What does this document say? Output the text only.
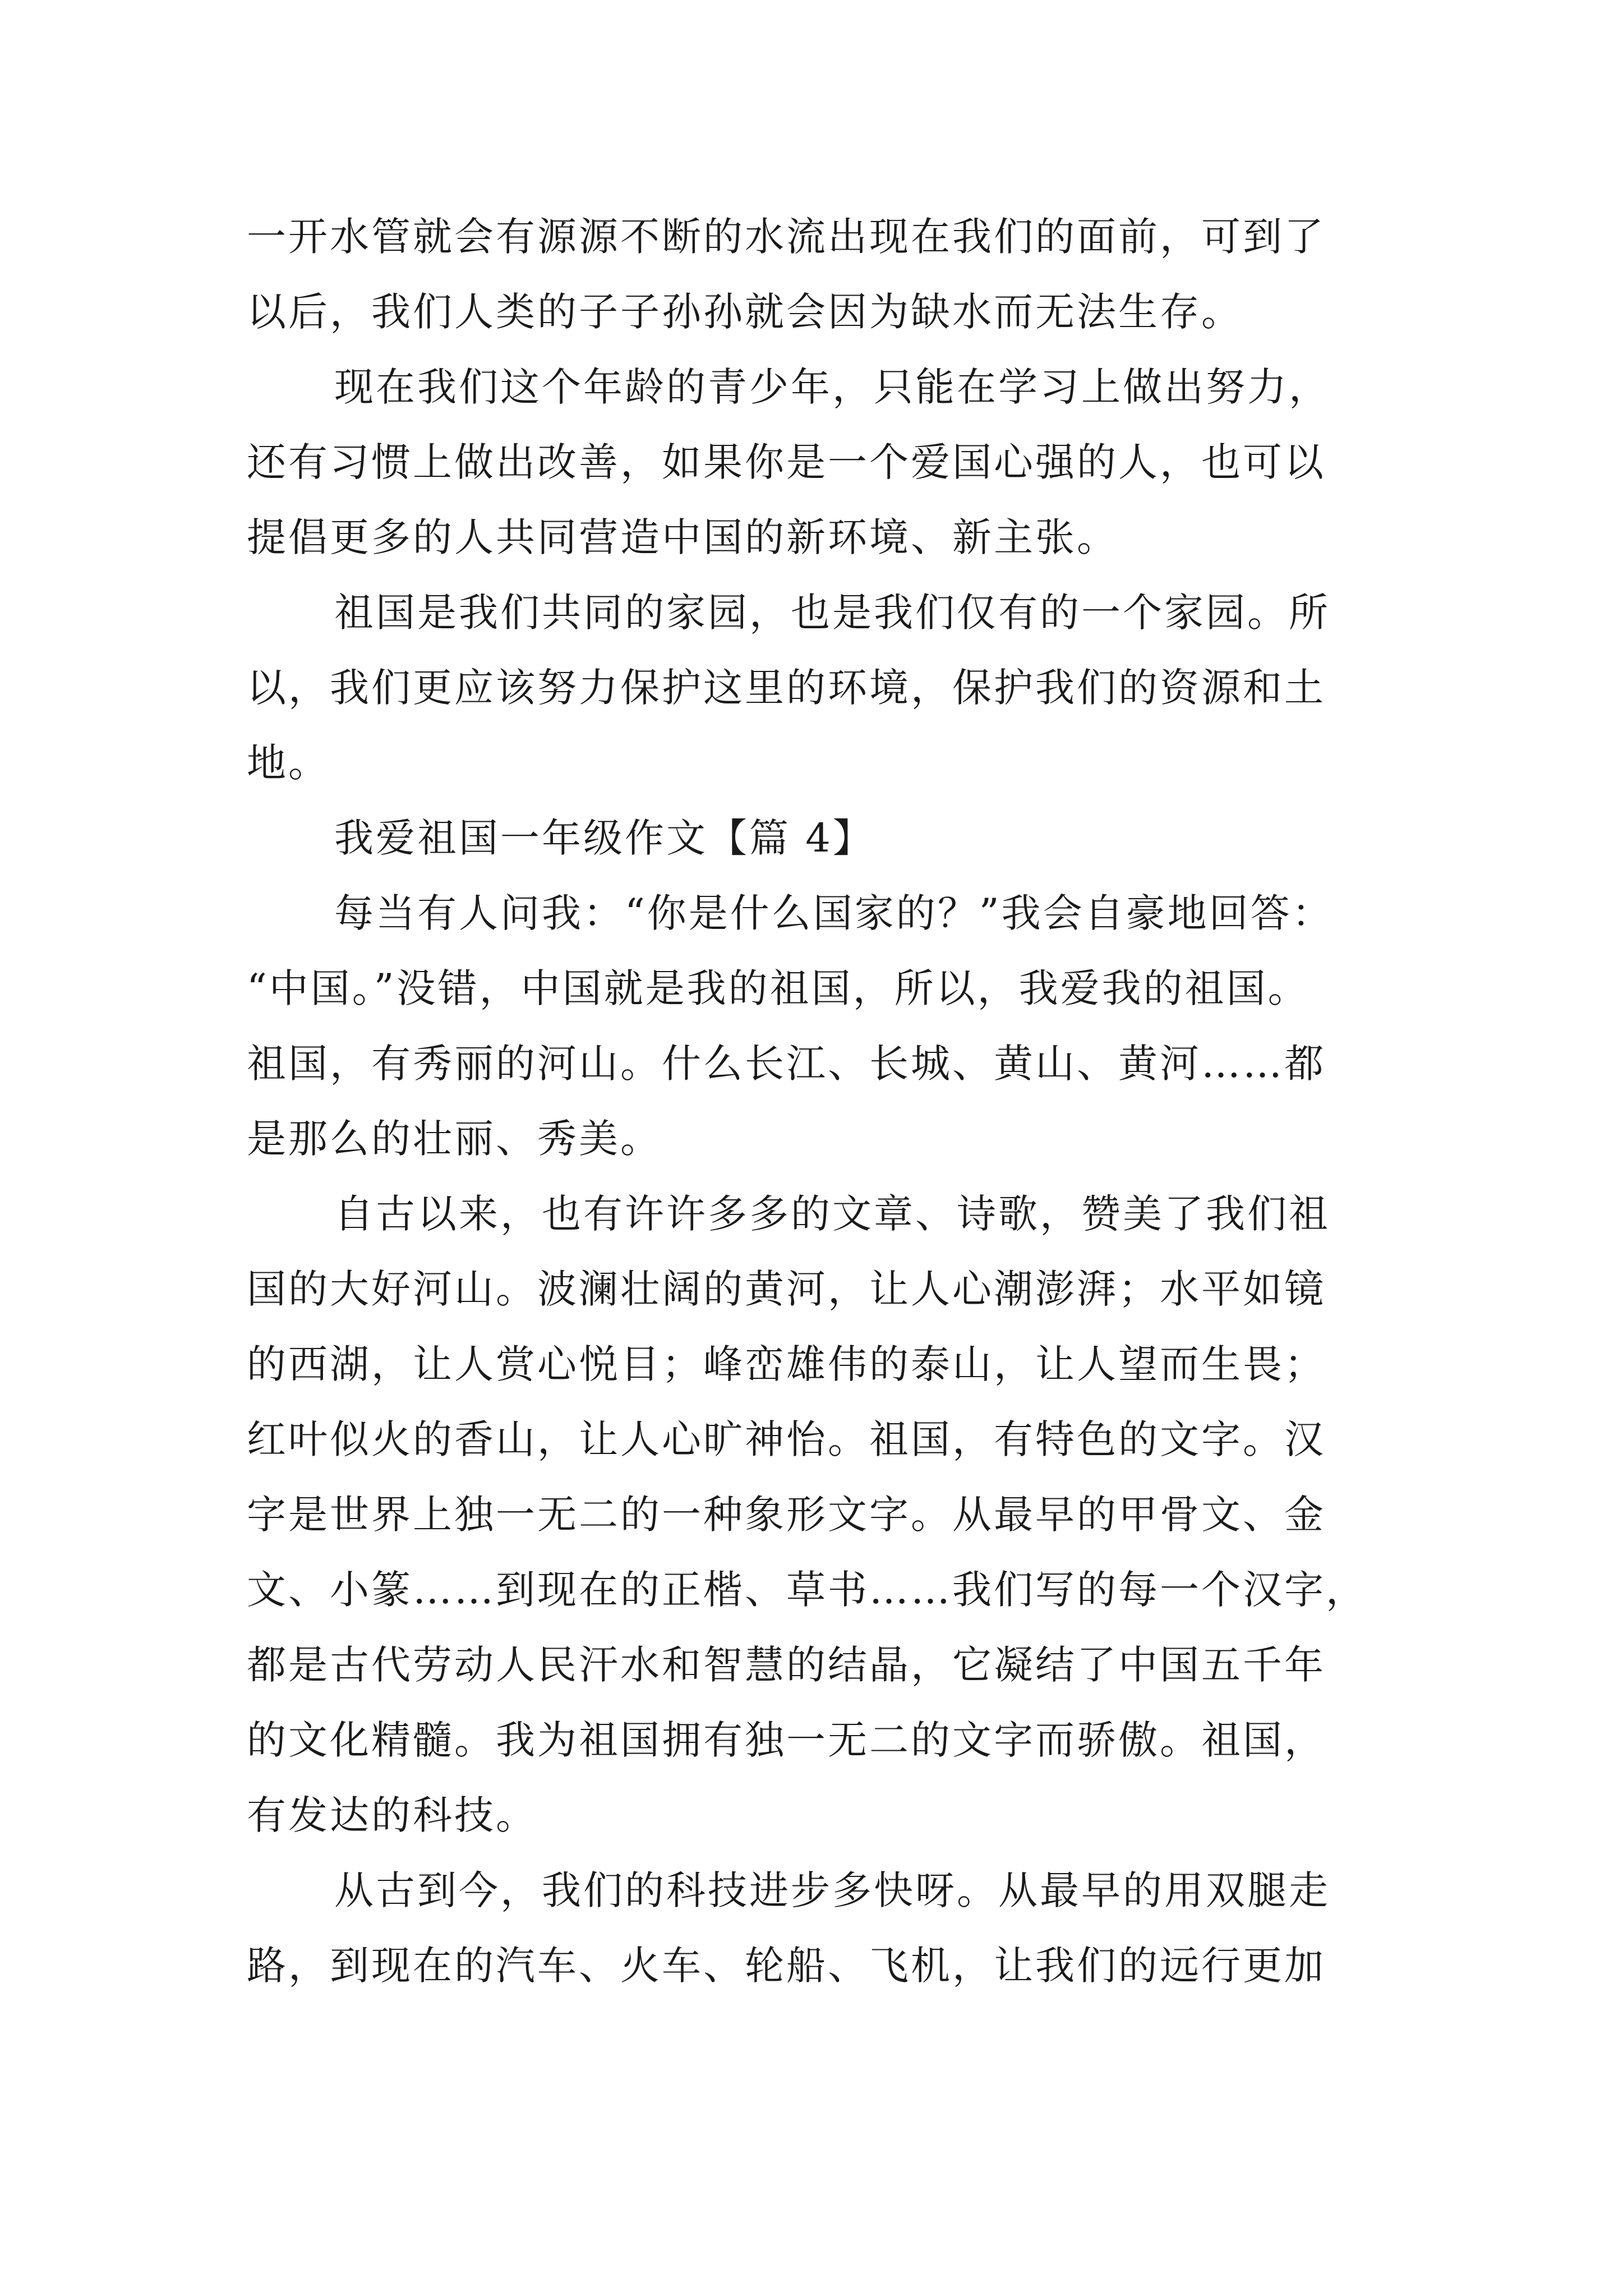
一开水管就会有源源不断的水流出现在我们的面前，可到了
以后，我们人类的子子孙孙就会因为缺水而无法生存。
现在我们这个年龄的青少年，只能在学习上做出努力，
还有习惯上做出改善，如果你是一个爱国心强的人，也可以
提倡更多的人共同营造中国的新环境、新主张。
祖国是我们共同的家园，也是我们仅有的一个家园。所
以，我们更应该努力保护这里的环境，保护我们的资源和土
地。
我爱祖国一年级作文【篇 4】
每当有人问我：“你是什么国家的？”我会自豪地回答：
“中国。”没错，中国就是我的祖国，所以，我爱我的祖国。
祖国，有秀丽的河山。什么长江、长城、黄山、黄河……都
是那么的壮丽、秀美。
自古以来，也有许许多多的文章、诗歌，赞美了我们祖
国的大好河山。波澜壮阔的黄河，让人心潮澎湃；水平如镜
的西湖，让人赏心悦目；峰峦雄伟的泰山，让人望而生畏；
红叶似火的香山，让人心旷神怡。祖国，有特色的文字。汉
字是世界上独一无二的一种象形文字。从最早的甲骨文、金
文、小篆……到现在的正楷、草书……我们写的每一个汉字，
都是古代劳动人民汗水和智慧的结晶，它凝结了中国五千年
的文化精髓。我为祖国拥有独一无二的文字而骄傲。祖国，
有发达的科技。
从古到今，我们的科技进步多快呀。从最早的用双腿走
路，到现在的汽车、火车、轮船、飞机，让我们的远行更加
